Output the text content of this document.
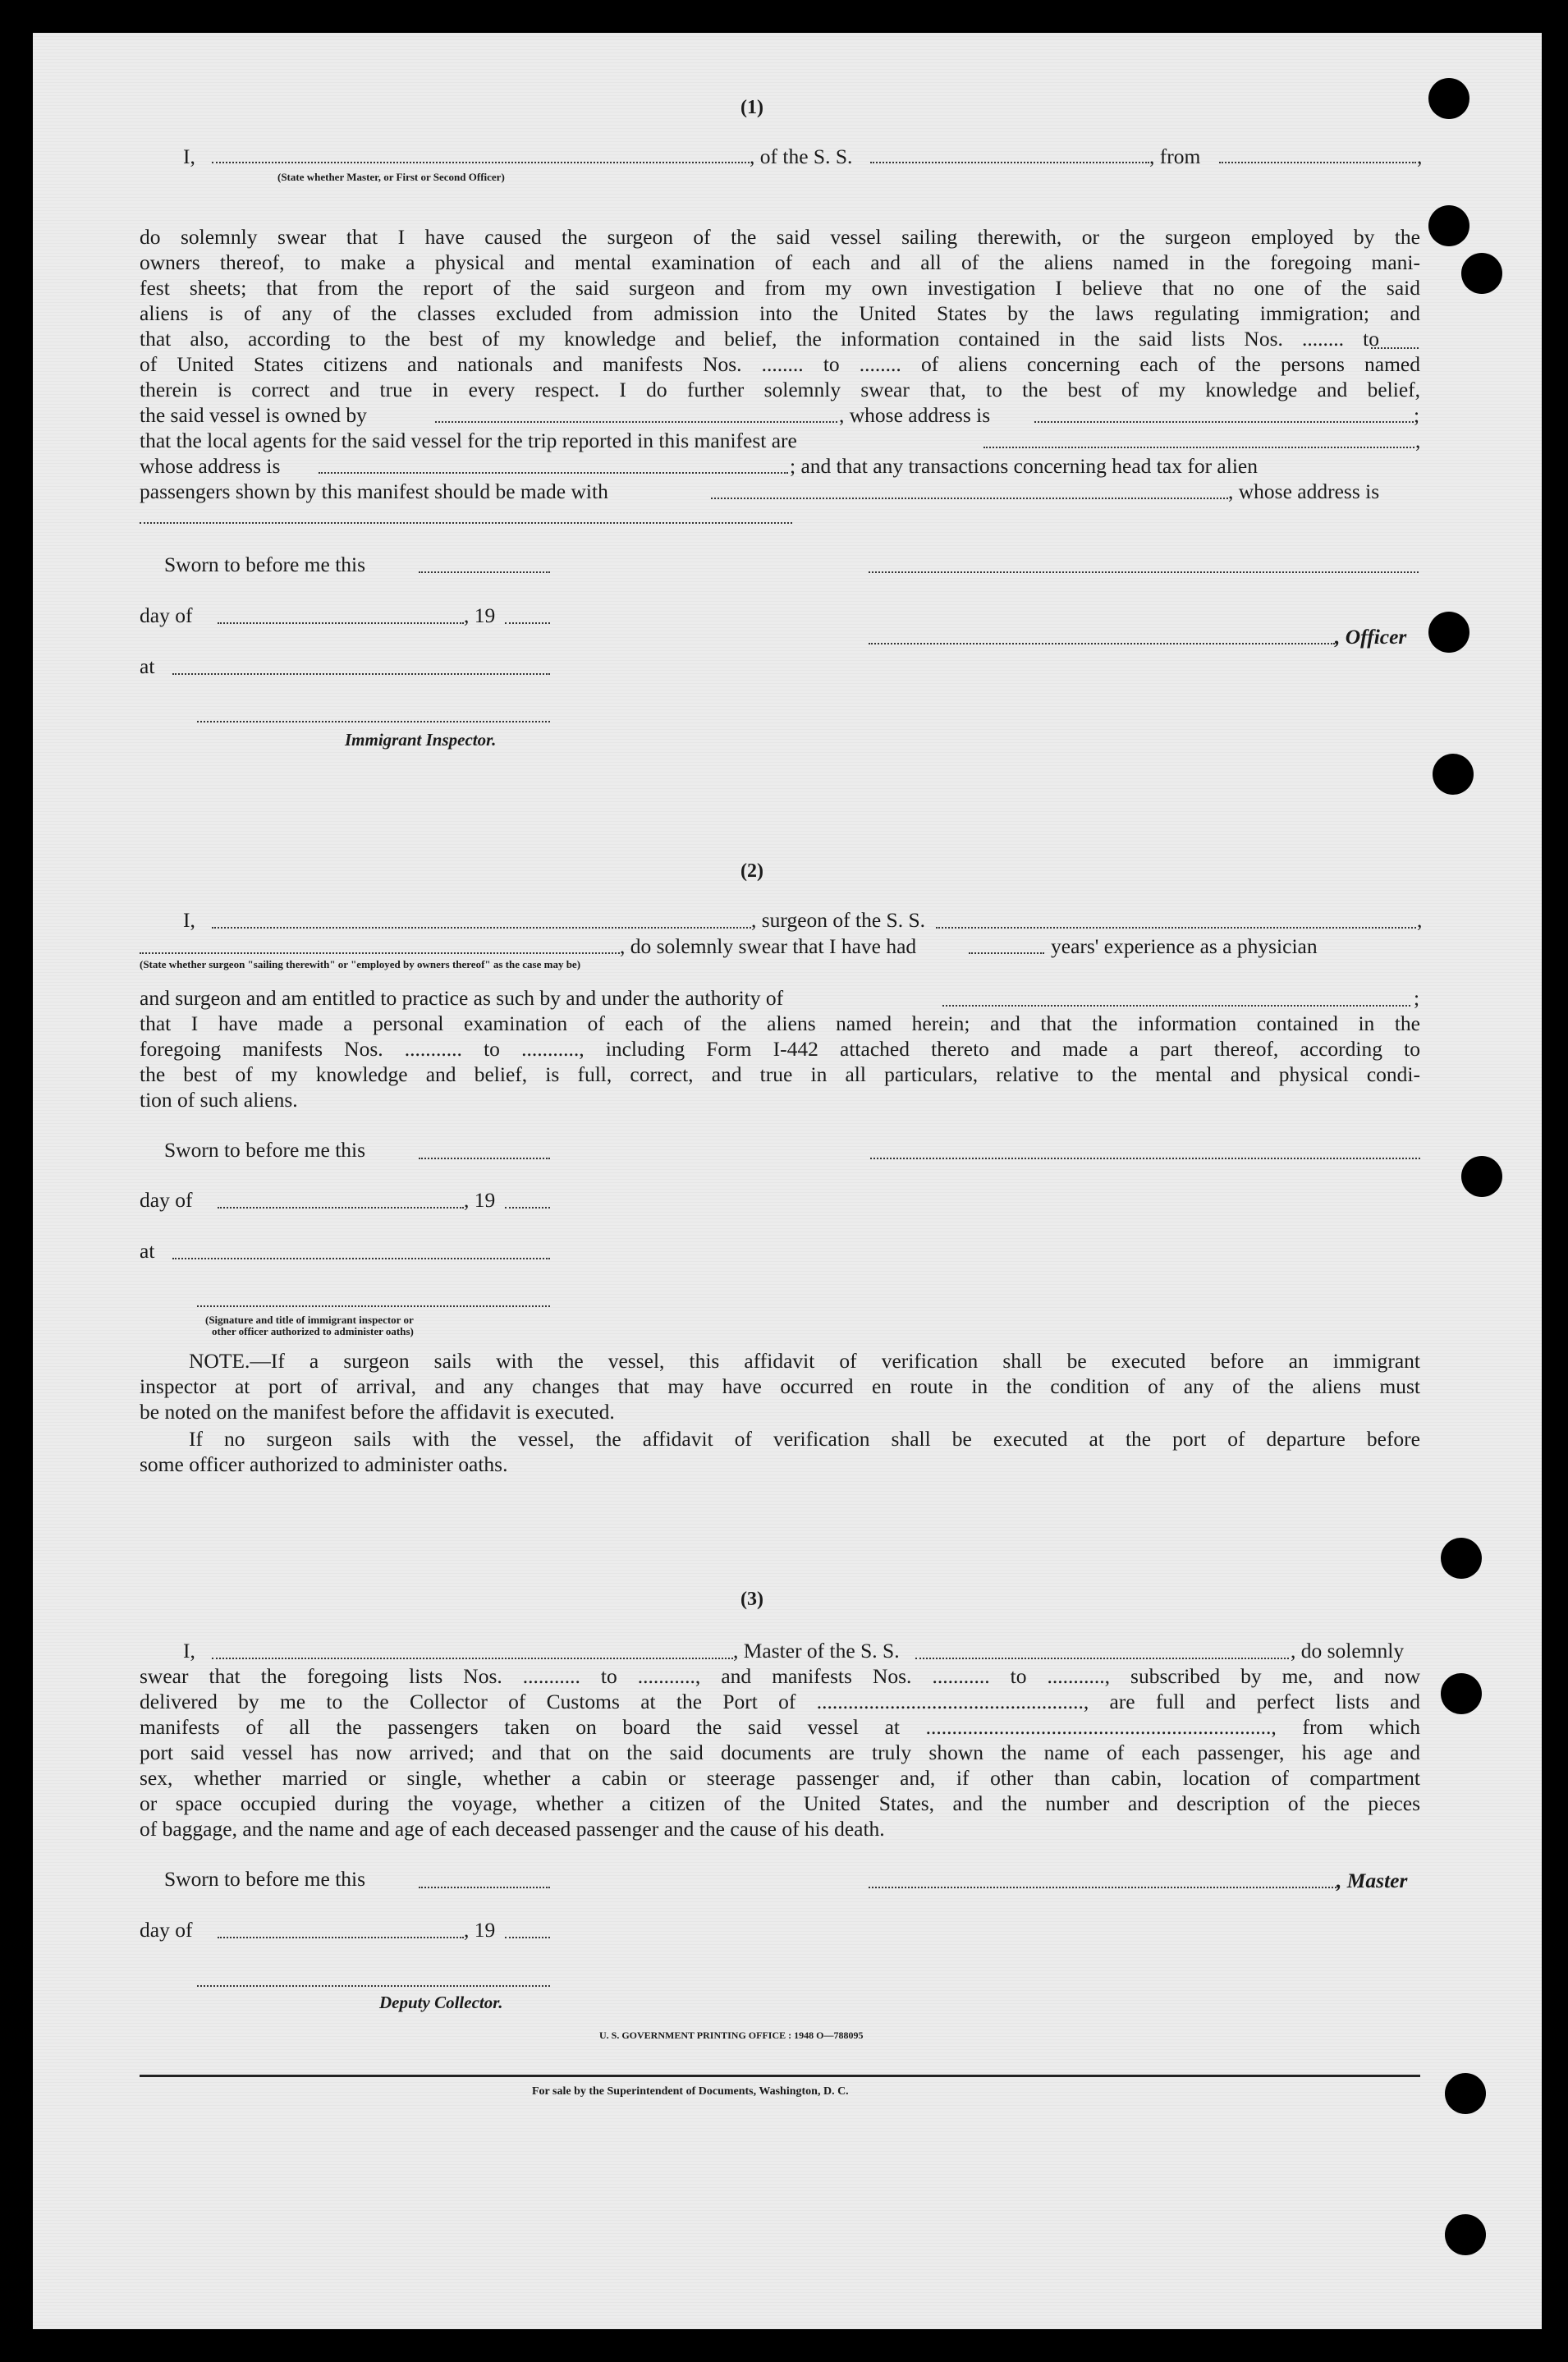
(1)
I,
(State whether Master, or First or Second Officer)
, of the S. S.	, from	,
do solemnly swear that I have caused the surgeon of the said vessel sailing therewith, or the surgeon employed by the
owners thereof, to make a physical and mental examination of each and all of the aliens named in the foregoing mani-
fest sheets; that from the report of the said surgeon and from my own investigation I believe that no one of the said
aliens is of any of the classes excluded from admission into the United States by the laws regulating immigration; and
that also, according to the best of my knowledge and belief, the information contained in the said lists Nos. ........ to
of United States citizens and nationals and manifests Nos. ........ to ........ of aliens concerning each of the persons named
therein is correct and true in every respect. I do further solemnly swear that, to the best of my knowledge and belief,
the said vessel is owned by	, whose address is	;
that the local agents for the said vessel for the trip reported in this manifest are	,
whose address is	; and that any transactions concerning head tax for alien
passengers shown by this manifest should be made with	, whose address is
Sworn to before me this
day of	, 19
, Officer
at
Immigrant Inspector.
(2)
I,	, surgeon of the S. S.	,
, do solemnly swear that I have had	years' experience as a physician
(State whether surgeon "sailing therewith" or "employed by owners thereof" as the case may be)
and surgeon and am entitled to practice as such by and under the authority of	;
that I have made a personal examination of each of the aliens named herein; and that the information contained in the
foregoing manifests Nos. ........... to ..........., including Form I-442 attached thereto and made a part thereof, according to
the best of my knowledge and belief, is full, correct, and true in all particulars, relative to the mental and physical condi-
tion of such aliens.
Sworn to before me this
day of	, 19
at
(Signature and title of immigrant inspector or
other officer authorized to administer oaths)
NOTE.—If a surgeon sails with the vessel, this affidavit of verification shall be executed before an immigrant
inspector at port of arrival, and any changes that may have occurred en route in the condition of any of the aliens must
be noted on the manifest before the affidavit is executed.
If no surgeon sails with the vessel, the affidavit of verification shall be executed at the port of departure before
some officer authorized to administer oaths.
(3)
I,	, Master of the S. S.	, do solemnly
swear that the foregoing lists Nos. ........... to ..........., and manifests Nos. ........... to ..........., subscribed by me, and now
delivered by me to the Collector of Customs at the Port of ..................................................., are full and perfect lists and
manifests of all the passengers taken on board the said vessel at .................................................................., from which
port said vessel has now arrived; and that on the said documents are truly shown the name of each passenger, his age and
sex, whether married or single, whether a cabin or steerage passenger and, if other than cabin, location of compartment
or space occupied during the voyage, whether a citizen of the United States, and the number and description of the pieces
of baggage, and the name and age of each deceased passenger and the cause of his death.
Sworn to before me this	, Master
day of	, 19
Deputy Collector.
U. S. GOVERNMENT PRINTING OFFICE : 1948 O—788095
For sale by the Superintendent of Documents, Washington, D. C.
